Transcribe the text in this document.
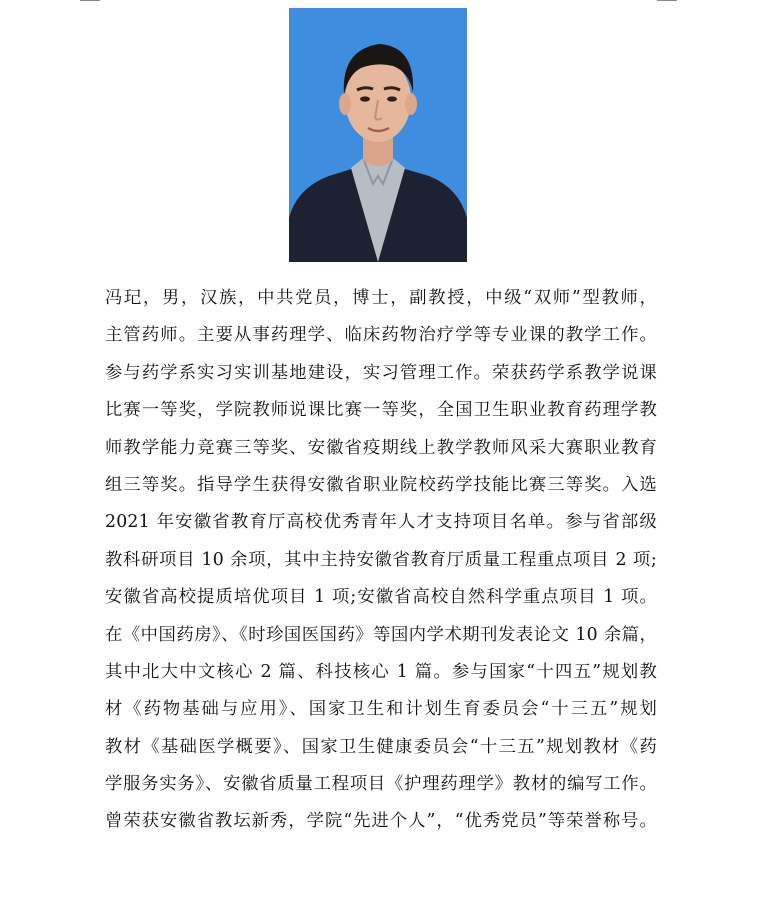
冯玘，男，汉族，中共党员，博士，副教授，中级“双师”型教师，
主管药师。主要从事药理学、临床药物治疗学等专业课的教学工作。
参与药学系实习实训基地建设，实习管理工作。荣获药学系教学说课
比赛一等奖，学院教师说课比赛一等奖，全国卫生职业教育药理学教
师教学能力竞赛三等奖、安徽省疫期线上教学教师风采大赛职业教育
组三等奖。指导学生获得安徽省职业院校药学技能比赛三等奖。入选
2021 年安徽省教育厅高校优秀青年人才支持项目名单。参与省部级
教科研项目 10 余项，其中主持安徽省教育厅质量工程重点项目 2 项;
安徽省高校提质培优项目 1 项;安徽省高校自然科学重点项目 1 项。
在《中国药房》、《时珍国医国药》等国内学术期刊发表论文 10 余篇，
其中北大中文核心 2 篇、科技核心 1 篇。参与国家“十四五”规划教
材《药物基础与应用》、国家卫生和计划生育委员会“十三五”规划
教材《基础医学概要》、国家卫生健康委员会“十三五”规划教材《药
学服务实务》、安徽省质量工程项目《护理药理学》教材的编写工作。
曾荣获安徽省教坛新秀，学院“先进个人”，“优秀党员”等荣誉称号。
